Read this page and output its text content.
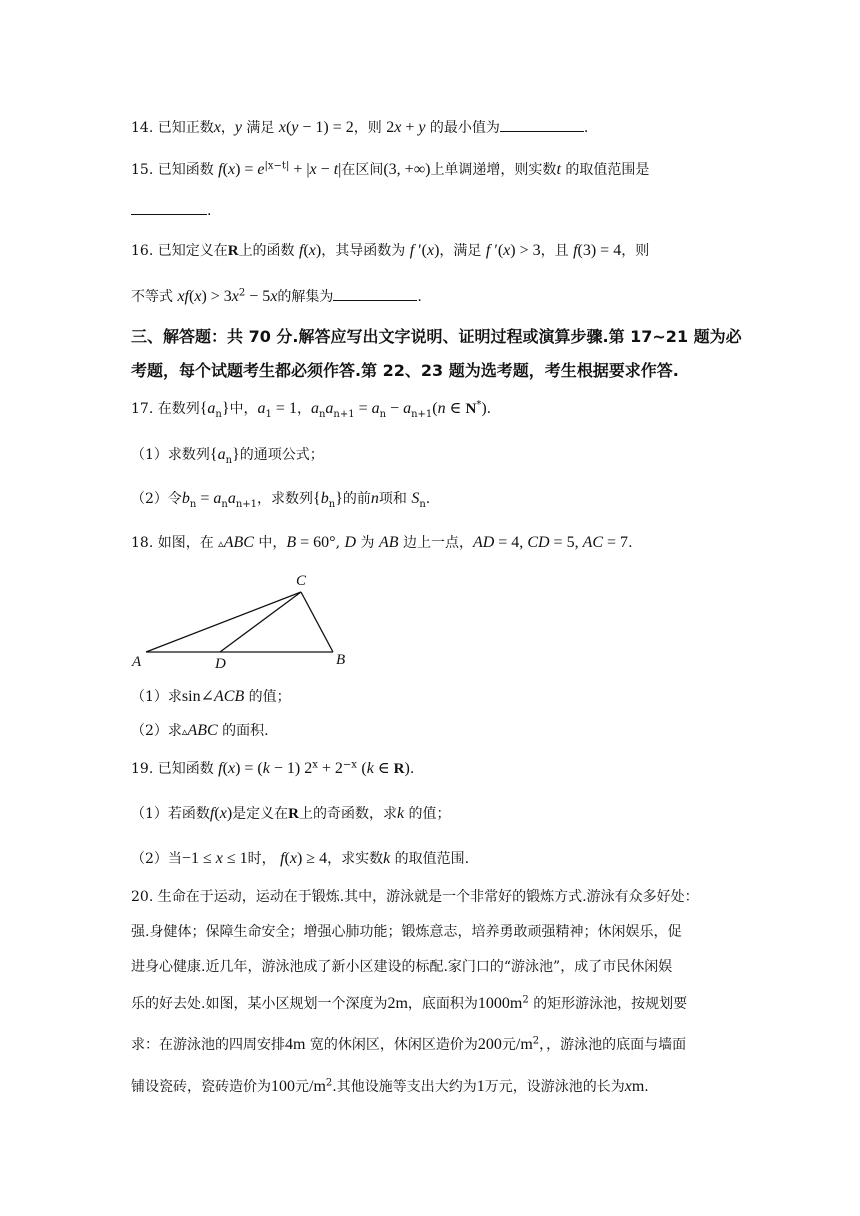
14. 已知正数x，y 满足 x(y − 1) = 2，则 2x + y 的最小值为	.
15. 已知函数 $f(x) = e^{|x-t|} + |x - t|$在区间(3, +∞)上单调递增，则实数t 的取值范围是
.
16. 已知定义在R上的函数 f(x)，其导函数为 f ′(x)，满足 f ′(x) > 3，且 f(3) = 4，则
不等式 $xf(x) > 3x^2 - 5x$的解集为	.
三、解答题：共 70 分.解答应写出文字说明、证明过程或演算步骤.第 17~21 题为必
考题，每个试题考生都必须作答.第 22、23 题为选考题，考生根据要求作答.
17. 在数列$\{a_n\}$中，$a_1 = 1$，$a_na_{n+1} = a_n - a_{n+1}(n$ ∈ N*).
（1）求数列$\{a_n\}$的通项公式；
（2）令$b_n = a_na_{n+1}$，求数列$\{b_n\}$的前n项和 $S_n$.
18. 如图，在 ▵ABC 中，B = 60°, D 为 AB 边上一点，AD = 4, CD = 5, AC = 7.
A	D	B
C
（1）求sin∠ACB 的值；
（2）求▵ABC 的面积.
19. 已知函数 f(x) = (k − 1) $2^x + 2^{-x}$ (k ∈ R).
（1）若函数f(x)是定义在R上的奇函数，求k 的值；
（2）当−1 ≤ x ≤ 1时， f(x) ≥ 4，求实数k 的取值范围.
20. 生命在于运动，运动在于锻炼.其中，游泳就是一个非常好的锻炼方式.游泳有众多好处：
强.身健体；保障生命安全；增强心肺功能；锻炼意志，培养勇敢顽强精神；休闲娱乐，促
进身心健康.近几年，游泳池成了新小区建设的标配.家门口的“游泳池”，成了市民休闲娱
乐的好去处.如图，某小区规划一个深度为2m，底面积为$1000m^2$ 的矩形游泳池，按规划要
求：在游泳池的四周安排4m 宽的休闲区，休闲区造价为200元$/m^2$，，游泳池的底面与墙面
铺设瓷砖，瓷砖造价为100元$/m^2$.其他设施等支出大约为1万元，设游泳池的长为xm.
